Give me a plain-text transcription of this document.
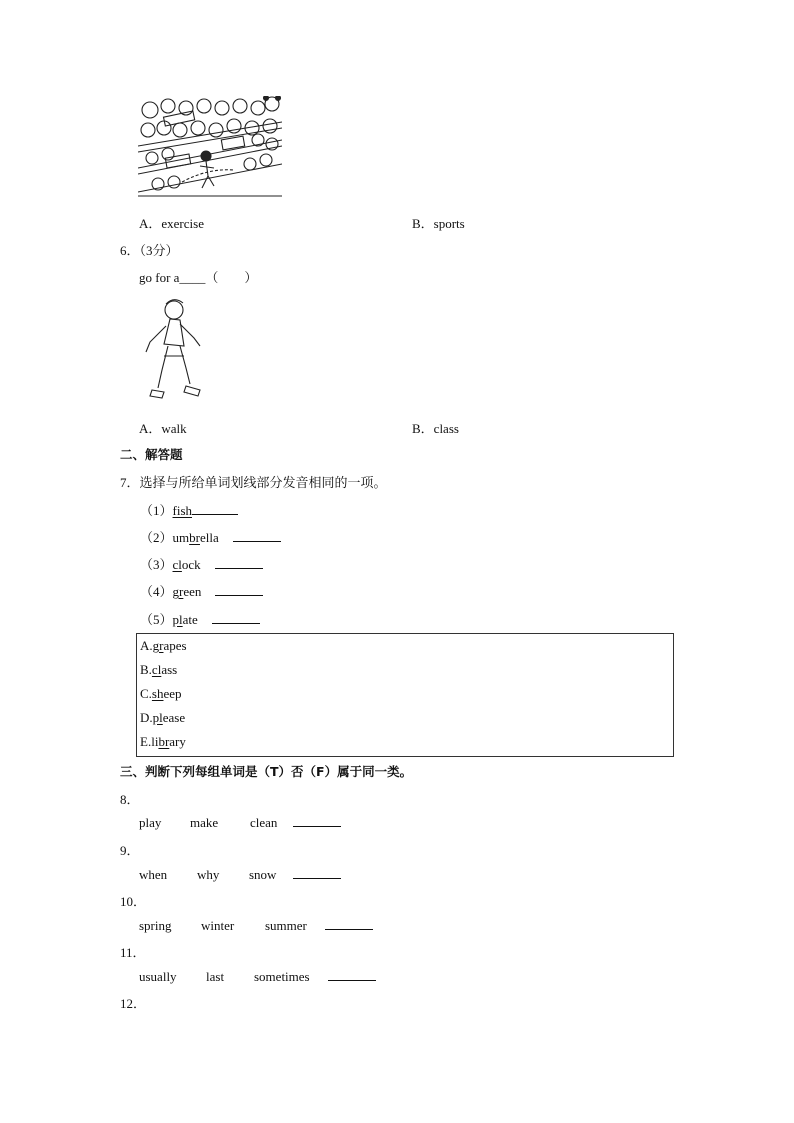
A．exercise	B．sports
6．（3分）
go for a____（　　）
A．walk	B．class
二、解答题
7．选择与所给单词划线部分发音相同的一项。
（1）fish
（2）umbrella
（3）clock
（4）green
（5）plate
A.grapes
B.class
C.sheep
D.please
E.library
三、判断下列每组单词是（T）否（F）属于同一类。
8．
play make clean
9．
when why snow
10．
spring winter summer
11．
usually last sometimes
12．
